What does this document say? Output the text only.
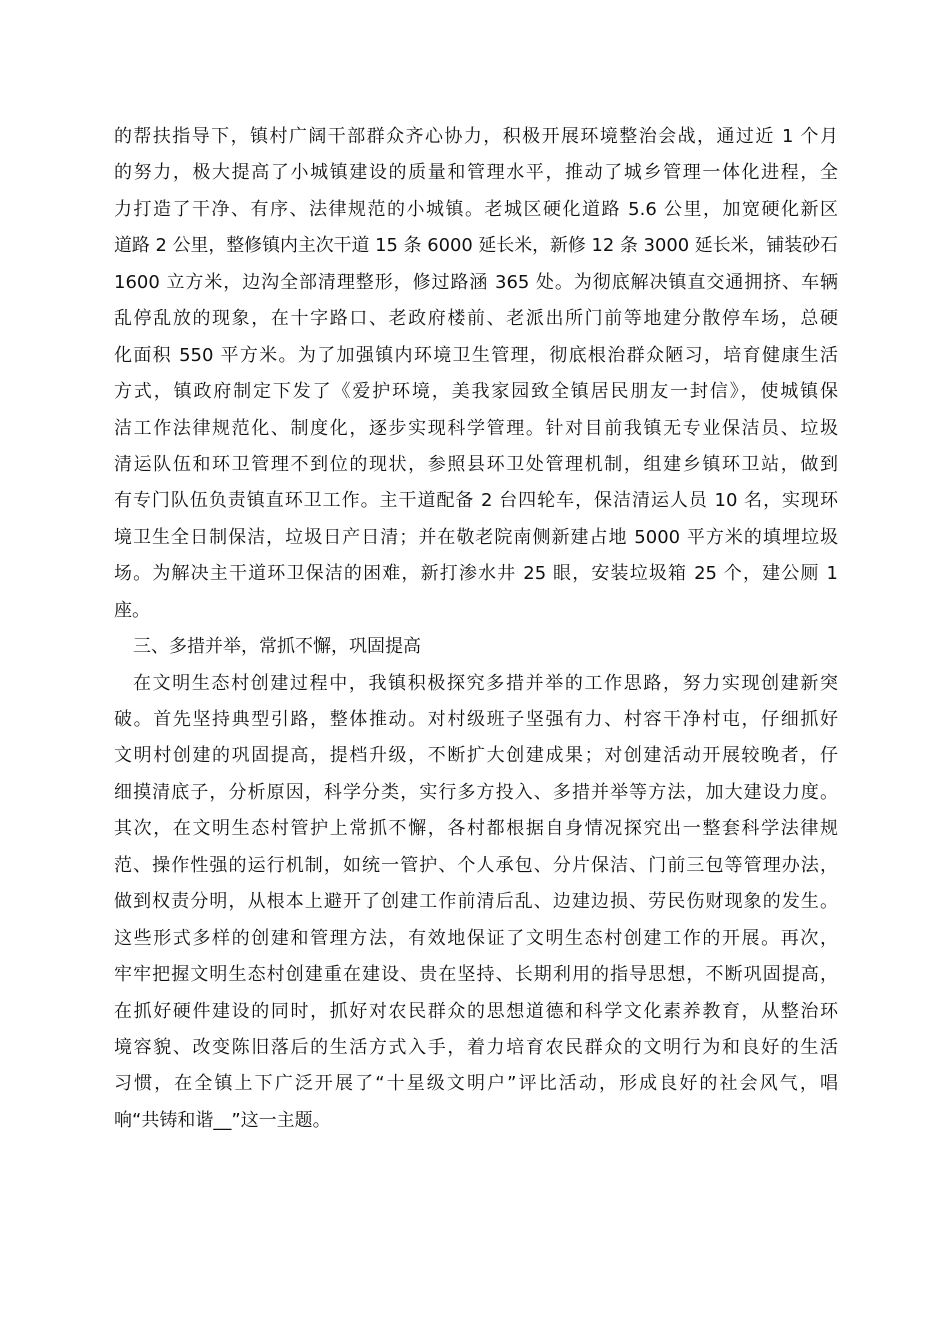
的帮扶指导下，镇村广阔干部群众齐心协力，积极开展环境整治会战，通过近 1 个月
的努力，极大提高了小城镇建设的质量和管理水平，推动了城乡管理一体化进程，全
力打造了干净、有序、法律规范的小城镇。老城区硬化道路 5.6 公里，加宽硬化新区
道路 2 公里，整修镇内主次干道 15 条 6000 延长米，新修 12 条 3000 延长米，铺装砂石
1600 立方米，边沟全部清理整形，修过路涵 365 处。为彻底解决镇直交通拥挤、车辆
乱停乱放的现象，在十字路口、老政府楼前、老派出所门前等地建分散停车场，总硬
化面积 550 平方米。为了加强镇内环境卫生管理，彻底根治群众陋习，培育健康生活
方式，镇政府制定下发了《爱护环境，美我家园致全镇居民朋友一封信》，使城镇保
洁工作法律规范化、制度化，逐步实现科学管理。针对目前我镇无专业保洁员、垃圾
清运队伍和环卫管理不到位的现状，参照县环卫处管理机制，组建乡镇环卫站，做到
有专门队伍负责镇直环卫工作。主干道配备 2 台四轮车，保洁清运人员 10 名，实现环
境卫生全日制保洁，垃圾日产日清；并在敬老院南侧新建占地 5000 平方米的填埋垃圾
场。为解决主干道环卫保洁的困难，新打渗水井 25 眼，安装垃圾箱 25 个，建公厕 1
座。
三、多措并举，常抓不懈，巩固提高
在文明生态村创建过程中，我镇积极探究多措并举的工作思路，努力实现创建新突
破。首先坚持典型引路，整体推动。对村级班子坚强有力、村容干净村屯，仔细抓好
文明村创建的巩固提高，提档升级，不断扩大创建成果；对创建活动开展较晚者，仔
细摸清底子，分析原因，科学分类，实行多方投入、多措并举等方法，加大建设力度。
其次，在文明生态村管护上常抓不懈，各村都根据自身情况探究出一整套科学法律规
范、操作性强的运行机制，如统一管护、个人承包、分片保洁、门前三包等管理办法，
做到权责分明，从根本上避开了创建工作前清后乱、边建边损、劳民伤财现象的发生。
这些形式多样的创建和管理方法，有效地保证了文明生态村创建工作的开展。再次，
牢牢把握文明生态村创建重在建设、贵在坚持、长期利用的指导思想，不断巩固提高，
在抓好硬件建设的同时，抓好对农民群众的思想道德和科学文化素养教育，从整治环
境容貌、改变陈旧落后的生活方式入手，着力培育农民群众的文明行为和良好的生活
习惯，在全镇上下广泛开展了“十星级文明户”评比活动，形成良好的社会风气，唱
响“共铸和谐__”这一主题。
